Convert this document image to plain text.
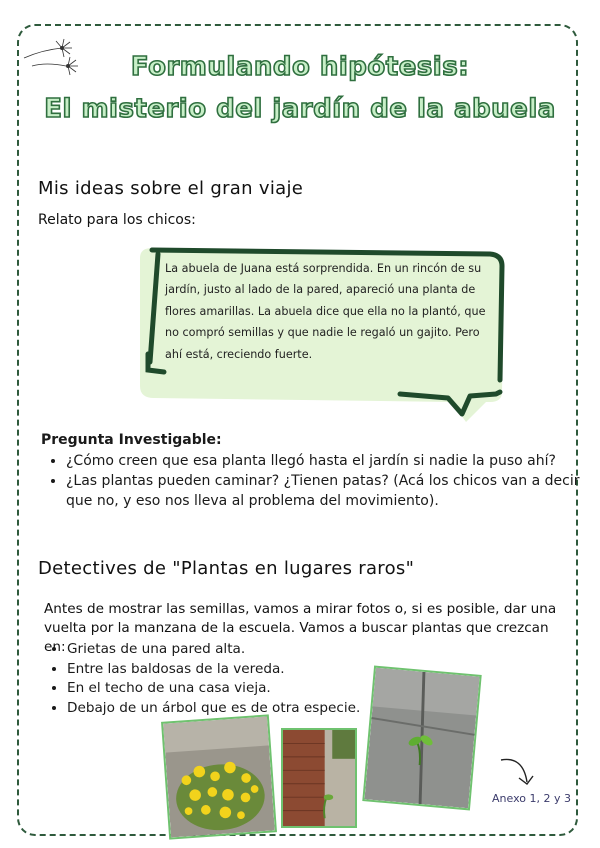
Formulando hipótesis:
El misterio del jardín de la abuela
Mis ideas sobre el gran viaje
Relato para los chicos:
La abuela de Juana está sorprendida. En un rincón de su jardín, justo al lado de la pared, apareció una planta de flores amarillas. La abuela dice que ella no la plantó, que no compró semillas y que nadie le regaló un gajito. Pero ahí está, creciendo fuerte.
Pregunta Investigable:
• ¿Cómo creen que esa planta llegó hasta el jardín si nadie la puso ahí?
• ¿Las plantas pueden caminar? ¿Tienen patas? (Acá los chicos van a decir que no, y eso nos lleva al problema del movimiento).
Detectives de "Plantas en lugares raros"
Antes de mostrar las semillas, vamos a mirar fotos o, si es posible, dar una vuelta por la manzana de la escuela. Vamos a buscar plantas que crezcan en:
• Grietas de una pared alta.
• Entre las baldosas de la vereda.
• En el techo de una casa vieja.
• Debajo de un árbol que es de otra especie.
Anexo 1, 2 y 3
